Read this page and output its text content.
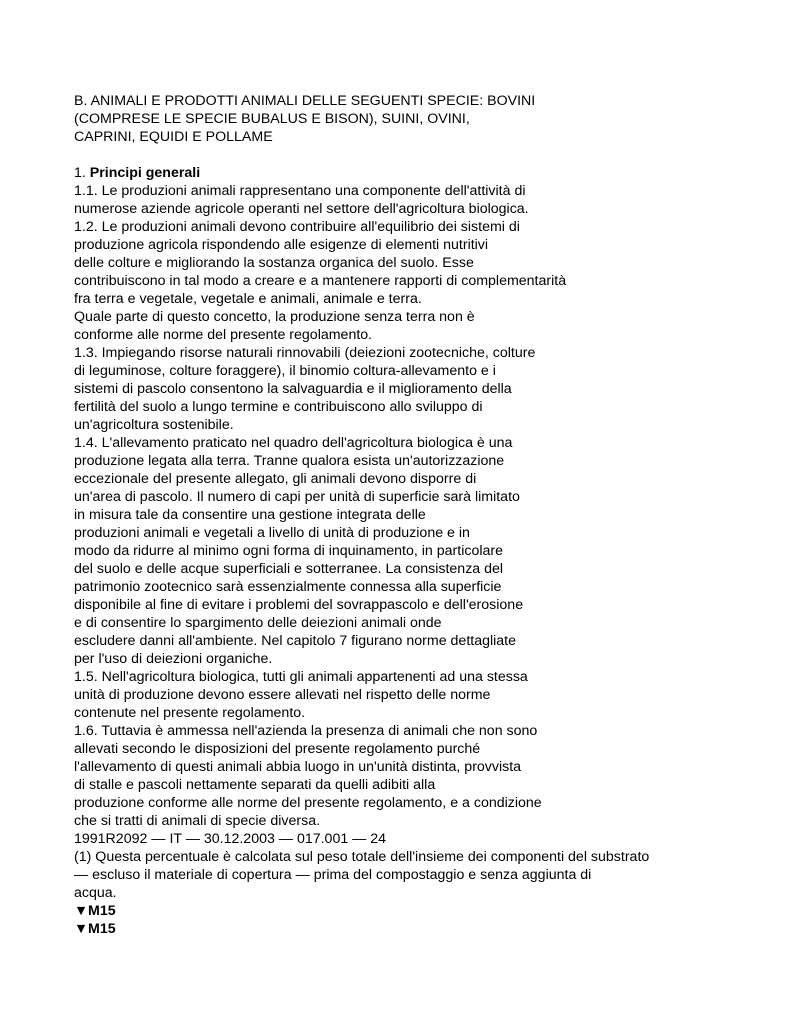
B. ANIMALI E PRODOTTI ANIMALI DELLE SEGUENTI SPECIE: BOVINI
(COMPRESE LE SPECIE BUBALUS E BISON), SUINI, OVINI,
CAPRINI, EQUIDI E POLLAME
1. Principi generali
1.1. Le produzioni animali rappresentano una componente dell'attività di
numerose aziende agricole operanti nel settore dell'agricoltura biologica.
1.2. Le produzioni animali devono contribuire all'equilibrio dei sistemi di
produzione agricola rispondendo alle esigenze di elementi nutritivi
delle colture e migliorando la sostanza organica del suolo. Esse
contribuiscono in tal modo a creare e a mantenere rapporti di complementarità
fra terra e vegetale, vegetale e animali, animale e terra.
Quale parte di questo concetto, la produzione senza terra non è
conforme alle norme del presente regolamento.
1.3. Impiegando risorse naturali rinnovabili (deiezioni zootecniche, colture
di leguminose, colture foraggere), il binomio coltura-allevamento e i
sistemi di pascolo consentono la salvaguardia e il miglioramento della
fertilità del suolo a lungo termine e contribuiscono allo sviluppo di
un'agricoltura sostenibile.
1.4. L'allevamento praticato nel quadro dell'agricoltura biologica è una
produzione legata alla terra. Tranne qualora esista un'autorizzazione
eccezionale del presente allegato, gli animali devono disporre di
un'area di pascolo. Il numero di capi per unità di superficie sarà limitato
in misura tale da consentire una gestione integrata delle
produzioni animali e vegetali a livello di unità di produzione e in
modo da ridurre al minimo ogni forma di inquinamento, in particolare
del suolo e delle acque superficiali e sotterranee. La consistenza del
patrimonio zootecnico sarà essenzialmente connessa alla superficie
disponibile al fine di evitare i problemi del sovrappascolo e dell'erosione
e di consentire lo spargimento delle deiezioni animali onde
escludere danni all'ambiente. Nel capitolo 7 figurano norme dettagliate
per l'uso di deiezioni organiche.
1.5. Nell'agricoltura biologica, tutti gli animali appartenenti ad una stessa
unità di produzione devono essere allevati nel rispetto delle norme
contenute nel presente regolamento.
1.6. Tuttavia è ammessa nell'azienda la presenza di animali che non sono
allevati secondo le disposizioni del presente regolamento purché
l'allevamento di questi animali abbia luogo in un'unità distinta, provvista
di stalle e pascoli nettamente separati da quelli adibiti alla
produzione conforme alle norme del presente regolamento, e a condizione
che si tratti di animali di specie diversa.
1991R2092 — IT — 30.12.2003 — 017.001 — 24
(1) Questa percentuale è calcolata sul peso totale dell'insieme dei componenti del substrato
— escluso il materiale di copertura — prima del compostaggio e senza aggiunta di
acqua.
▼M15
▼M15
